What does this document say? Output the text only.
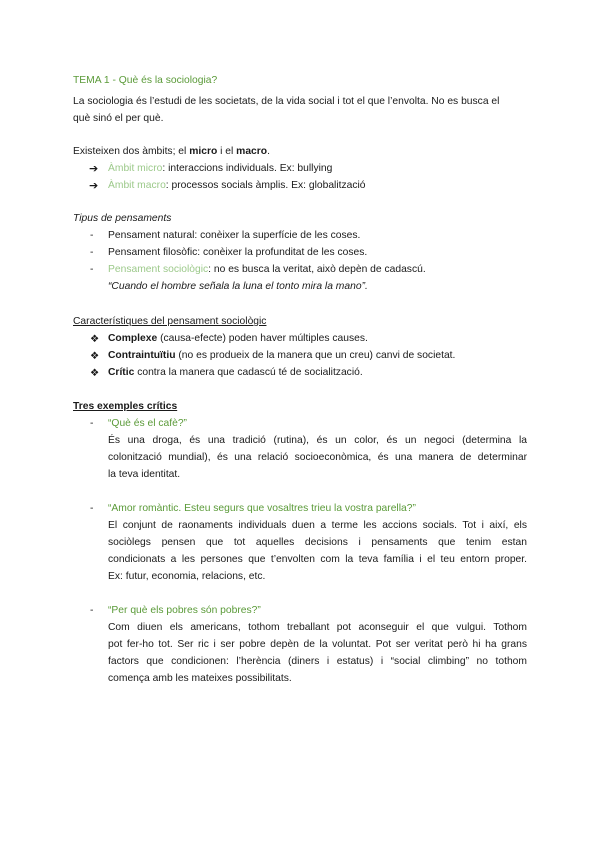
TEMA 1 - Què és la sociologia?
La sociologia és l’estudi de les societats, de la vida social i tot el que l’envolta. No es busca el
què sinó el per què.
Existeixen dos àmbits; el micro i el macro.
➔ Àmbit micro: interaccions individuals. Ex: bullying
➔ Àmbit macro: processos socials àmplis. Ex: globalització
Tipus de pensaments
- Pensament natural: conèixer la superfície de les coses.
- Pensament filosòfic: conèixer la profunditat de les coses.
- Pensament sociològic: no es busca la veritat, això depèn de cadascú.
“Cuando el hombre señala la luna el tonto mira la mano”.
Característiques del pensament sociològic
❖ Complexe (causa-efecte) poden haver múltiples causes.
❖ Contraintuïtiu (no es produeix de la manera que un creu) canvi de societat.
❖ Crític contra la manera que cadascú té de socialització.
Tres exemples crítics
- “Què és el cafè?”
És una droga, és una tradició (rutina), és un color, és un negoci (determina la
colonització mundial), és una relació socioeconòmica, és una manera de determinar
la teva identitat.
- “Amor romàntic. Esteu segurs que vosaltres trieu la vostra parella?”
El conjunt de raonaments individuals duen a terme les accions socials. Tot i així, els
sociòlegs pensen que tot aquelles decisions i pensaments que tenim estan
condicionats a les persones que t’envolten com la teva família i el teu entorn proper.
Ex: futur, economia, relacions, etc.
- “Per què els pobres són pobres?”
Com diuen els americans, tothom treballant pot aconseguir el que vulgui. Tothom
pot fer-ho tot. Ser ric i ser pobre depèn de la voluntat. Pot ser veritat però hi ha grans
factors que condicionen: l’herència (diners i estatus) i “social climbing” no tothom
comença amb les mateixes possibilitats.
